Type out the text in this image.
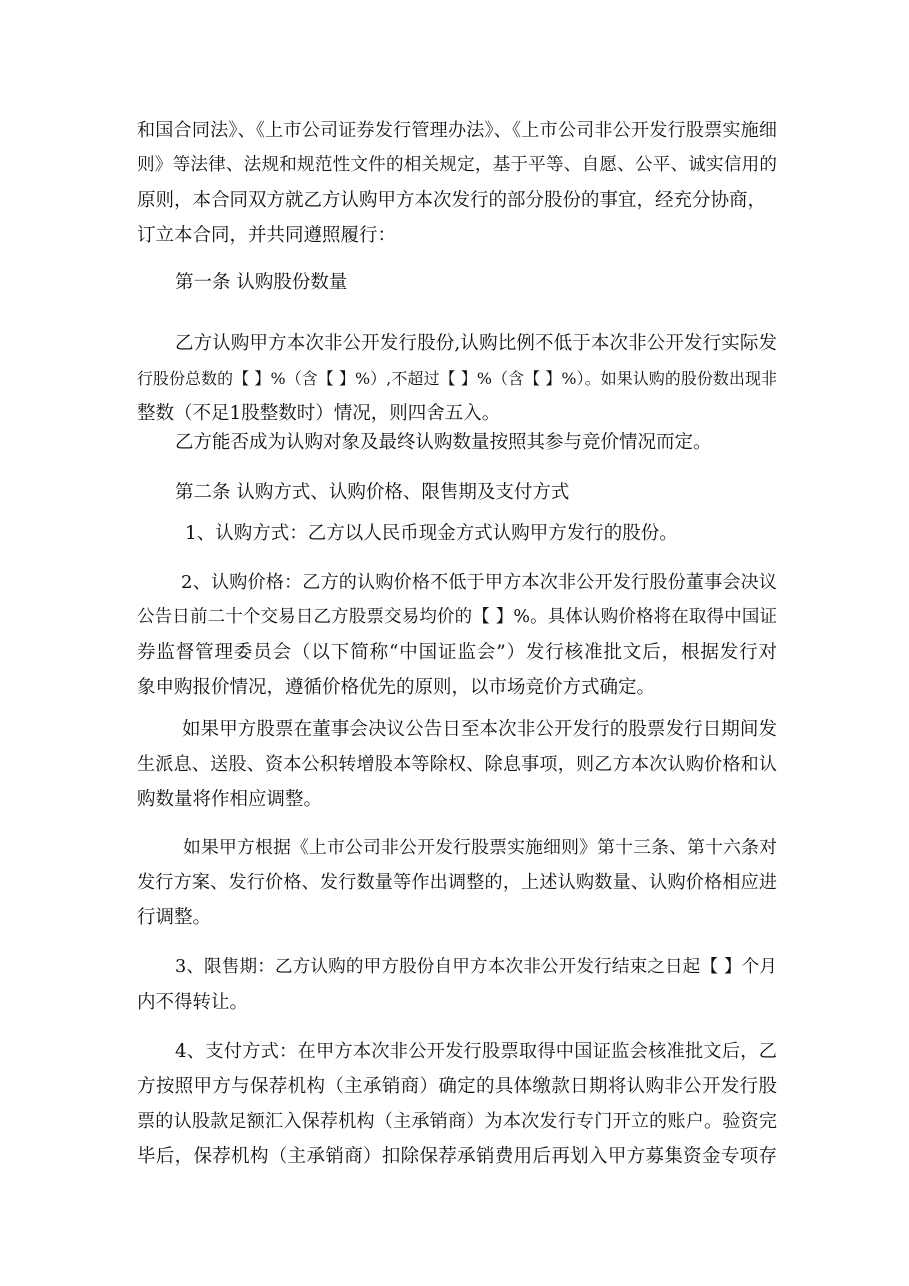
和国合同法》、《上市公司证券发行管理办法》、《上市公司非公开发行股票实施细
则》等法律、法规和规范性文件的相关规定，基于平等、自愿、公平、诚实信用的
原则，本合同双方就乙方认购甲方本次发行的部分股份的事宜，经充分协商，
订立本合同，并共同遵照履行：
第一条 认购股份数量
乙方认购甲方本次非公开发行股份,认购比例不低于本次非公开发行实际发
行股份总数的【 】%（含【 】%）,不超过【 】%（含【 】%）。如果认购的股份数出现非
整数（不足1股整数时）情况，则四舍五入。
乙方能否成为认购对象及最终认购数量按照其参与竞价情况而定。
第二条 认购方式、认购价格、限售期及支付方式
1、认购方式：乙方以人民币现金方式认购甲方发行的股份。
2、认购价格：乙方的认购价格不低于甲方本次非公开发行股份董事会决议
公告日前二十个交易日乙方股票交易均价的【 】%。具体认购价格将在取得中国证
券监督管理委员会（以下简称“中国证监会”）发行核准批文后，根据发行对
象申购报价情况，遵循价格优先的原则，以市场竞价方式确定。
如果甲方股票在董事会决议公告日至本次非公开发行的股票发行日期间发
生派息、送股、资本公积转增股本等除权、除息事项，则乙方本次认购价格和认
购数量将作相应调整。
如果甲方根据《上市公司非公开发行股票实施细则》第十三条、第十六条对
发行方案、发行价格、发行数量等作出调整的，上述认购数量、认购价格相应进
行调整。
3、限售期：乙方认购的甲方股份自甲方本次非公开发行结束之日起【 】个月
内不得转让。
4、支付方式：在甲方本次非公开发行股票取得中国证监会核准批文后，乙
方按照甲方与保荐机构（主承销商）确定的具体缴款日期将认购非公开发行股
票的认股款足额汇入保荐机构（主承销商）为本次发行专门开立的账户。验资完
毕后，保荐机构（主承销商）扣除保荐承销费用后再划入甲方募集资金专项存
